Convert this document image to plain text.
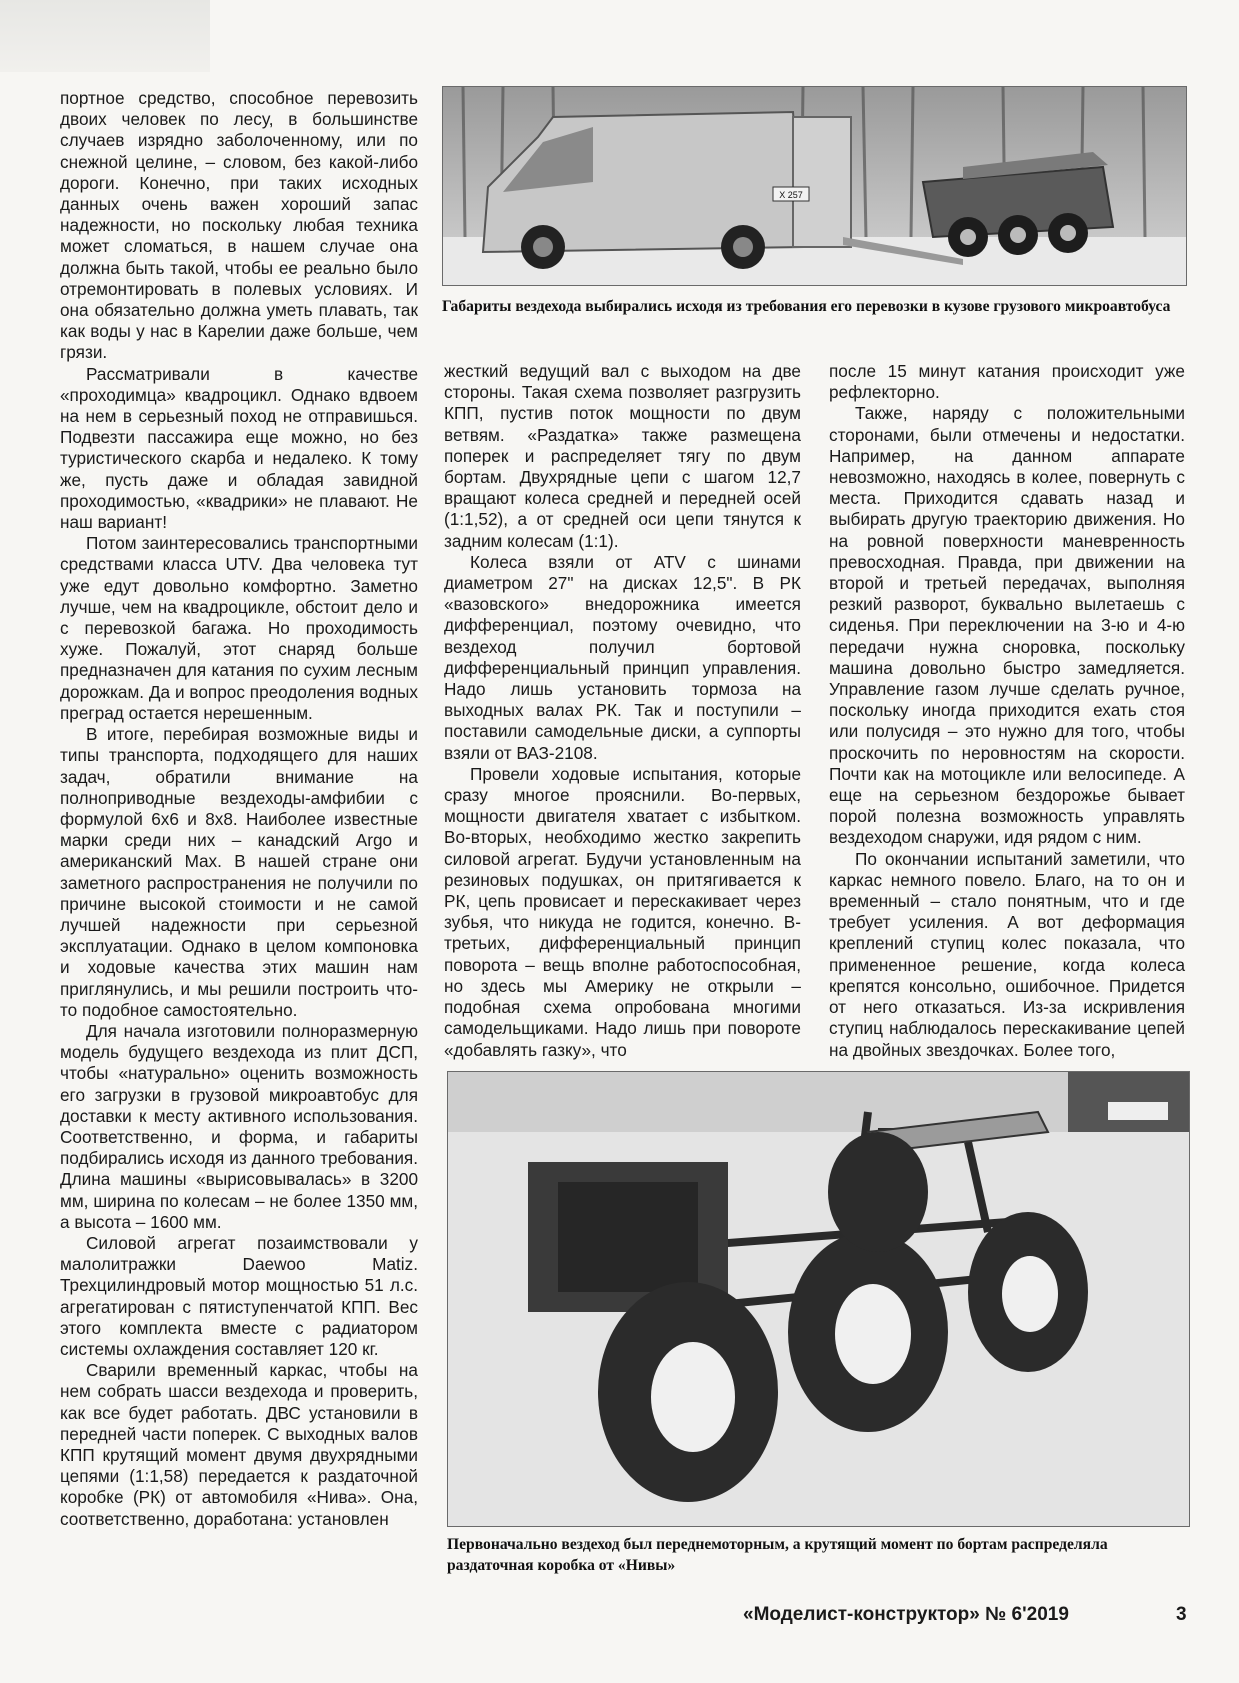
портное средство, способное перевозить двоих человек по лесу, в большинстве случаев изрядно заболоченному, или по снежной целине, – словом, без какой-либо дороги. Конечно, при таких исходных данных очень важен хороший запас надежности, но поскольку любая техника может сломаться, в нашем случае она должна быть такой, чтобы ее реально было отремонтировать в полевых условиях. И она обязательно должна уметь плавать, так как воды у нас в Карелии даже больше, чем грязи.

Рассматривали в качестве «проходимца» квадроцикл. Однако вдвоем на нем в серьезный поход не отправишься. Подвезти пассажира еще можно, но без туристического скарба и недалеко. К тому же, пусть даже и обладая завидной проходимостью, «квадрики» не плавают. Не наш вариант!

Потом заинтересовались транспортными средствами класса UTV. Два человека тут уже едут довольно комфортно. Заметно лучше, чем на квадроцикле, обстоит дело и с перевозкой багажа. Но проходимость хуже. Пожалуй, этот снаряд больше предназначен для катания по сухим лесным дорожкам. Да и вопрос преодоления водных преград остается нерешенным.

В итоге, перебирая возможные виды и типы транспорта, подходящего для наших задач, обратили внимание на полноприводные вездеходы-амфибии с формулой 6х6 и 8х8. Наиболее известные марки среди них – канадский Argo и американский Max. В нашей стране они заметного распространения не получили по причине высокой стоимости и не самой лучшей надежности при серьезной эксплуатации. Однако в целом компоновка и ходовые качества этих машин нам приглянулись, и мы решили построить что-то подобное самостоятельно.

Для начала изготовили полноразмерную модель будущего вездехода из плит ДСП, чтобы «натурально» оценить возможность его загрузки в грузовой микроавтобус для доставки к месту активного использования. Соответственно, и форма, и габариты подбирались исходя из данного требования. Длина машины «вырисовывалась» в 3200 мм, ширина по колесам – не более 1350 мм, а высота – 1600 мм.

Силовой агрегат позаимствовали у малолитражки Daewoo Matiz. Трехцилиндровый мотор мощностью 51 л.с. агрегатирован с пятиступенчатой КПП. Вес этого комплекта вместе с радиатором системы охлаждения составляет 120 кг.

Сварили временный каркас, чтобы на нем собрать шасси вездехода и проверить, как все будет работать. ДВС установили в передней части поперек. С выходных валов КПП крутящий момент двумя двухрядными цепями (1:1,58) передается к раздаточной коробке (РК) от автомобиля «Нива». Она, соответственно, доработана: установлен

Х 257
Габариты вездехода выбирались исходя из требования его перевозки в кузове грузового микроавтобуса

жесткий ведущий вал с выходом на две стороны. Такая схема позволяет разгрузить КПП, пустив поток мощности по двум ветвям. «Раздатка» также размещена поперек и распределяет тягу по двум бортам. Двухрядные цепи с шагом 12,7 вращают колеса средней и передней осей (1:1,52), а от средней оси цепи тянутся к задним колесам (1:1).

Колеса взяли от ATV с шинами диаметром 27" на дисках 12,5". В РК «вазовского» внедорожника имеется дифференциал, поэтому очевидно, что вездеход получил бортовой дифференциальный принцип управления. Надо лишь установить тормоза на выходных валах РК. Так и поступили – поставили самодельные диски, а суппорты взяли от ВАЗ-2108.

Провели ходовые испытания, которые сразу многое прояснили. Во-первых, мощности двигателя хватает с избытком. Во-вторых, необходимо жестко закрепить силовой агрегат. Будучи установленным на резиновых подушках, он притягивается к РК, цепь провисает и перескакивает через зубья, что никуда не годится, конечно. В-третьих, дифференциальный принцип поворота – вещь вполне работоспособная, но здесь мы Америку не открыли – подобная схема опробована многими самодельщиками. Надо лишь при повороте «добавлять газку», что

после 15 минут катания происходит уже рефлекторно.

Также, наряду с положительными сторонами, были отмечены и недостатки. Например, на данном аппарате невозможно, находясь в колее, повернуть с места. Приходится сдавать назад и выбирать другую траекторию движения. Но на ровной поверхности маневренность превосходная. Правда, при движении на второй и третьей передачах, выполняя резкий разворот, буквально вылетаешь с сиденья. При переключении на 3-ю и 4-ю передачи нужна сноровка, поскольку машина довольно быстро замедляется. Управление газом лучше сделать ручное, поскольку иногда приходится ехать стоя или полусидя – это нужно для того, чтобы проскочить по неровностям на скорости. Почти как на мотоцикле или велосипеде. А еще на серьезном бездорожье бывает порой полезна возможность управлять вездеходом снаружи, идя рядом с ним.

По окончании испытаний заметили, что каркас немного повело. Благо, на то он и временный – стало понятным, что и где требует усиления. А вот деформация креплений ступиц колес показала, что примененное решение, когда колеса крепятся консольно, ошибочное. Придется от него отказаться. Из-за искривления ступиц наблюдалось перескакивание цепей на двойных звездочках. Более того,

Первоначально вездеход был переднемоторным, а крутящий момент по бортам распределяла раздаточная коробка от «Нивы»
«Моделист-конструктор» № 6'2019	3
